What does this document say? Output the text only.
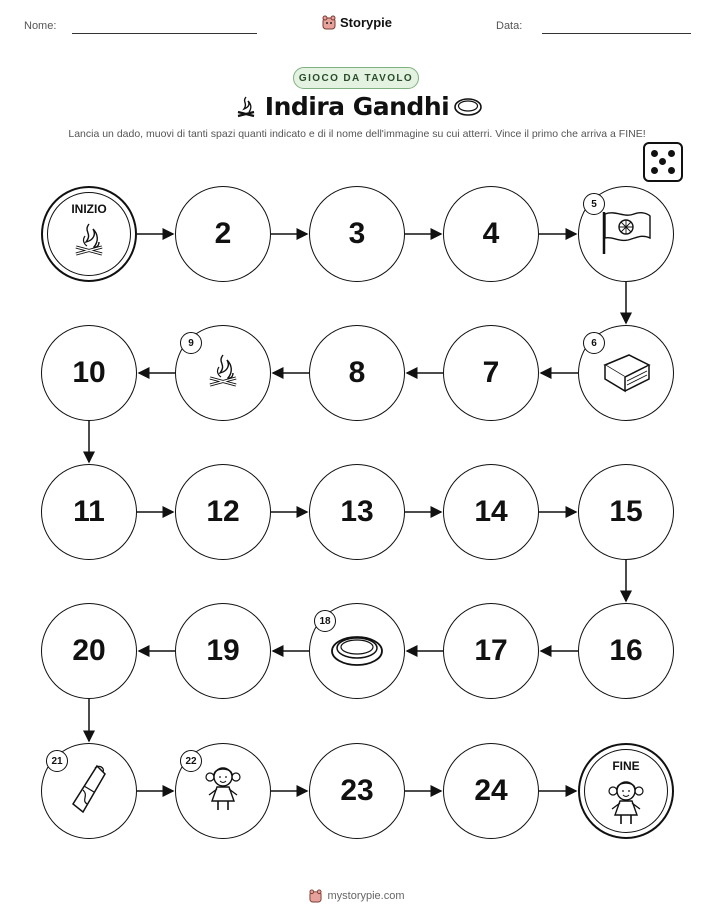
Nome:	Storypie	Data:
GIOCO DA TAVOLO
Indira Gandhi
Lancia un dado, muovi di tanti spazi quanti indicato e di il nome dell'immagine su cui atterri. Vince il primo che arriva a FINE!
INIZIO
2	3	4
5
6
7
8
9
10
11	12	13	14	15
16
17
18
19
20
21	22
23	24
FINE
mystorypie.com
